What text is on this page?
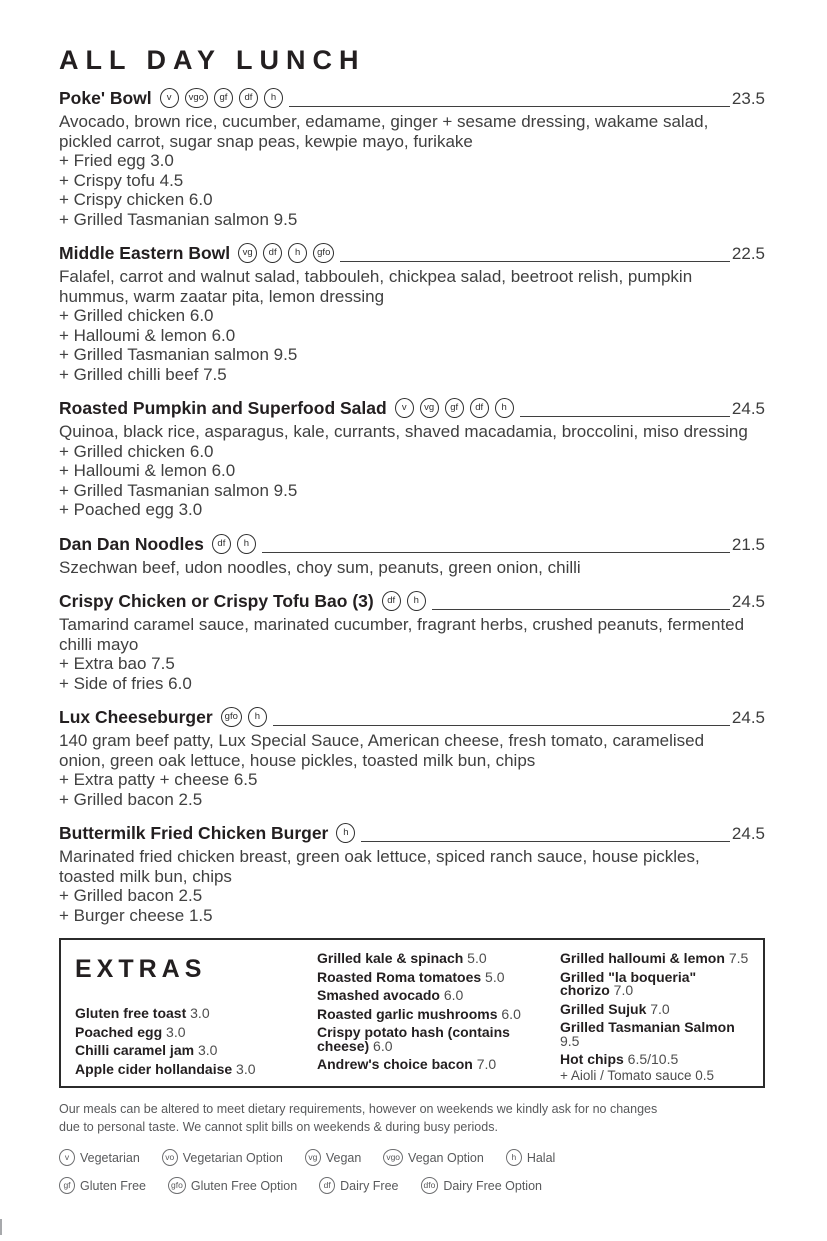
ALL DAY LUNCH
Poke' Bowl	v	vgo	gf	df	h	23.5

Avocado, brown rice, cucumber, edamame, ginger + sesame dressing, wakame salad, pickled carrot, sugar snap peas, kewpie mayo, furikake

+ Fried egg 3.0
+ Crispy tofu 4.5
+ Crispy chicken 6.0
+ Grilled Tasmanian salmon 9.5
Middle Eastern Bowl	vg	df	h	gfo	22.5

Falafel, carrot and walnut salad, tabbouleh, chickpea salad, beetroot relish, pumpkin hummus, warm zaatar pita, lemon dressing

+ Grilled chicken 6.0
+ Halloumi & lemon 6.0
+ Grilled Tasmanian salmon 9.5
+ Grilled chilli beef 7.5
Roasted Pumpkin and Superfood Salad	v	vg	gf	df	h	24.5

Quinoa, black rice, asparagus, kale, currants, shaved macadamia, broccolini, miso dressing

+ Grilled chicken 6.0
+ Halloumi & lemon 6.0
+ Grilled Tasmanian salmon 9.5
+ Poached egg 3.0
Dan Dan Noodles	df	h	21.5

Szechwan beef, udon noodles, choy sum, peanuts, green onion, chilli

Crispy Chicken or Crispy Tofu Bao (3)	df	h	24.5

Tamarind caramel sauce, marinated cucumber, fragrant herbs, crushed peanuts, fermented chilli mayo

+ Extra bao 7.5
+ Side of fries 6.0
Lux Cheeseburger	gfo	h	24.5

140 gram beef patty, Lux Special Sauce, American cheese, fresh tomato, caramelised onion, green oak lettuce, house pickles, toasted milk bun, chips

+ Extra patty + cheese 6.5
+ Grilled bacon 2.5
Buttermilk Fried Chicken Burger	h	24.5

Marinated fried chicken breast, green oak lettuce, spiced ranch sauce, house pickles, toasted milk bun, chips

+ Grilled bacon 2.5
+ Burger cheese 1.5
EXTRAS
Gluten free toast 3.0
Poached egg 3.0
Chilli caramel jam 3.0
Apple cider hollandaise 3.0
Grilled kale & spinach 5.0
Roasted Roma tomatoes 5.0
Smashed avocado 6.0
Roasted garlic mushrooms 6.0
Crispy potato hash (contains cheese) 6.0
Andrew's choice bacon 7.0
Grilled halloumi & lemon 7.5
Grilled "la boqueria" chorizo 7.0
Grilled Sujuk 7.0
Grilled Tasmanian Salmon 9.5
Hot chips 6.5/10.5
+ Aioli / Tomato sauce 0.5
Our meals can be altered to meet dietary requirements, however on weekends we kindly ask for no changes
due to personal taste. We cannot split bills on weekends & during busy periods.
v Vegetarian	vo Vegetarian Option	vg Vegan	vgo Vegan Option	h Halal
gf Gluten Free	gfo Gluten Free Option	df Dairy Free	dfo Dairy Free Option
